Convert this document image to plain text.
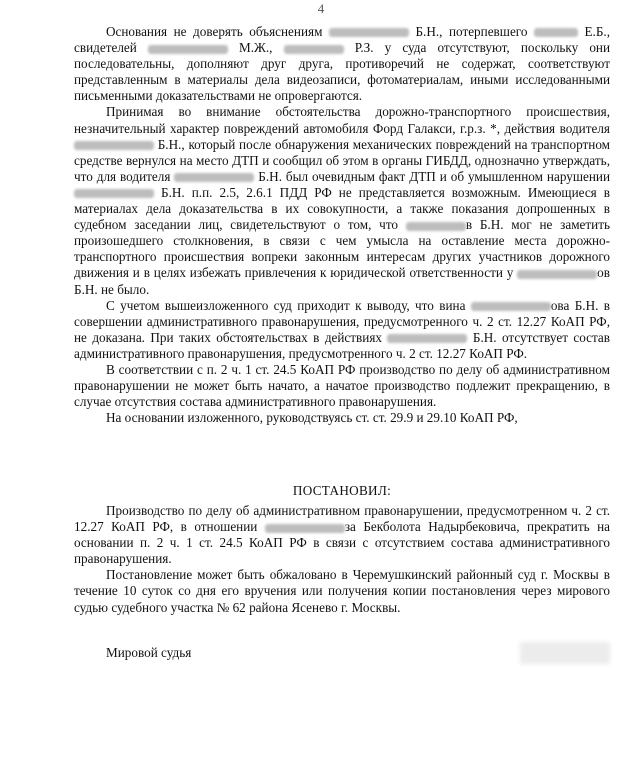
4

Основания не доверять объяснениям	Б.Н., потерпевшего	Е.Б., свидетелей	М.Ж.,	Р.З. у суда отсутствуют, поскольку они последовательны, дополняют друг друга, противоречий не содержат, соответствуют представленным в материалы дела видеозаписи, фотоматериалам, иными исследованными письменными доказательствами не опровергаются.

Принимая во внимание обстоятельства дорожно-транспортного происшествия, незначительный характер повреждений автомобиля Форд Галакси, г.р.з. *, действия водителя  Б.Н., который после обнаружения механических повреждений на транспортном средстве вернулся на место ДТП и сообщил об этом в органы ГИБДД, однозначно утверждать, что для водителя	Б.Н. был очевидным факт ДТП и об умышленном нарушении  Б.Н. п.п. 2.5, 2.6.1 ПДД РФ не представляется возможным. Имеющиеся в материалах дела доказательства в их совокупности, а также показания допрошенных в судебном заседании лиц, свидетельствуют о том, что	в Б.Н. мог не заметить произошедшего столкновения, в связи с чем умысла на оставление места дорожно-транспортного происшествия вопреки законным интересам других участников дорожного движения и в целях избежать привлечения к юридической ответственности у	ов Б.Н. не было.

С учетом вышеизложенного суд приходит к выводу, что вина	ова Б.Н. в совершении административного правонарушения, предусмотренного ч. 2 ст. 12.27 КоАП РФ, не доказана. При таких обстоятельствах в действиях	Б.Н. отсутствует состав административного правонарушения, предусмотренного ч. 2 ст. 12.27 КоАП РФ.

В соответствии с п. 2 ч. 1 ст. 24.5 КоАП РФ производство по делу об административном правонарушении не может быть начато, а начатое производство подлежит прекращению, в случае отсутствия состава административного правонарушения.

На основании изложенного, руководствуясь ст. ст. 29.9 и 29.10 КоАП РФ,

ПОСТАНОВИЛ:

Производство по делу об административном правонарушении, предусмотренном ч. 2 ст. 12.27 КоАП РФ, в отношении	за Бекболота Надырбековича, прекратить на основании п. 2 ч. 1 ст. 24.5 КоАП РФ в связи с отсутствием состава административного правонарушения.

Постановление может быть обжаловано в Черемушкинский районный суд г. Москвы в течение 10 суток со дня его вручения или получения копии постановления через мирового судью судебного участка № 62 района Ясенево г. Москвы.

Мировой судья
